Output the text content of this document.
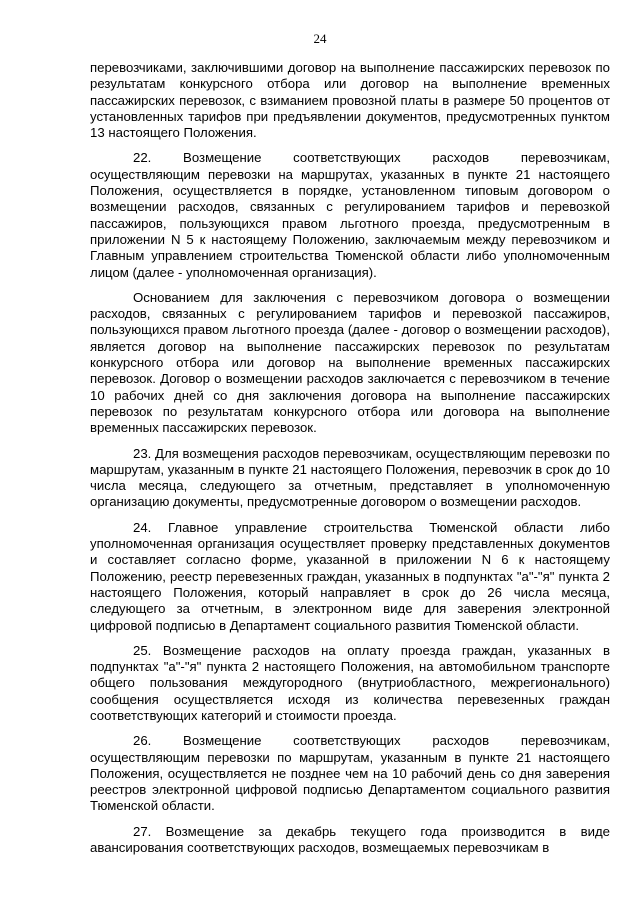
24

перевозчиками, заключившими договор на выполнение пассажирских перевозок по результатам конкурсного отбора или договор на выполнение временных пассажирских перевозок, с взиманием провозной платы в размере 50 процентов от установленных тарифов при предъявлении документов, предусмотренных пунктом 13 настоящего Положения.

22. Возмещение соответствующих расходов перевозчикам, осуществляющим перевозки на маршрутах, указанных в пункте 21 настоящего Положения, осуществляется в порядке, установленном типовым договором о возмещении расходов, связанных с регулированием тарифов и перевозкой пассажиров, пользующихся правом льготного проезда, предусмотренным в приложении N 5 к настоящему Положению, заключаемым между перевозчиком и Главным управлением строительства Тюменской области либо уполномоченным лицом (далее - уполномоченная организация).

Основанием для заключения с перевозчиком договора о возмещении расходов, связанных с регулированием тарифов и перевозкой пассажиров, пользующихся правом льготного проезда (далее - договор о возмещении расходов), является договор на выполнение пассажирских перевозок по результатам конкурсного отбора или договор на выполнение временных пассажирских перевозок. Договор о возмещении расходов заключается с перевозчиком в течение 10 рабочих дней со дня заключения договора на выполнение пассажирских перевозок по результатам конкурсного отбора или договора на выполнение временных пассажирских перевозок.

23. Для возмещения расходов перевозчикам, осуществляющим перевозки по маршрутам, указанным в пункте 21 настоящего Положения, перевозчик в срок до 10 числа месяца, следующего за отчетным, представляет в уполномоченную организацию документы, предусмотренные договором о возмещении расходов.

24. Главное управление строительства Тюменской области либо уполномоченная организация осуществляет проверку представленных документов и составляет согласно форме, указанной в приложении N 6 к настоящему Положению, реестр перевезенных граждан, указанных в подпунктах "а"-"я" пункта 2 настоящего Положения, который направляет в срок до 26 числа месяца, следующего за отчетным, в электронном виде для заверения электронной цифровой подписью в Департамент социального развития Тюменской области.

25. Возмещение расходов на оплату проезда граждан, указанных в подпунктах "а"-"я" пункта 2 настоящего Положения, на автомобильном транспорте общего пользования междугородного (внутриобластного, межрегионального) сообщения осуществляется исходя из количества перевезенных граждан соответствующих категорий и стоимости проезда.

26. Возмещение соответствующих расходов перевозчикам, осуществляющим перевозки по маршрутам, указанным в пункте 21 настоящего Положения, осуществляется не позднее чем на 10 рабочий день со дня заверения реестров электронной цифровой подписью Департаментом социального развития Тюменской области.

27. Возмещение за декабрь текущего года производится в виде авансирования соответствующих расходов, возмещаемых перевозчикам в
